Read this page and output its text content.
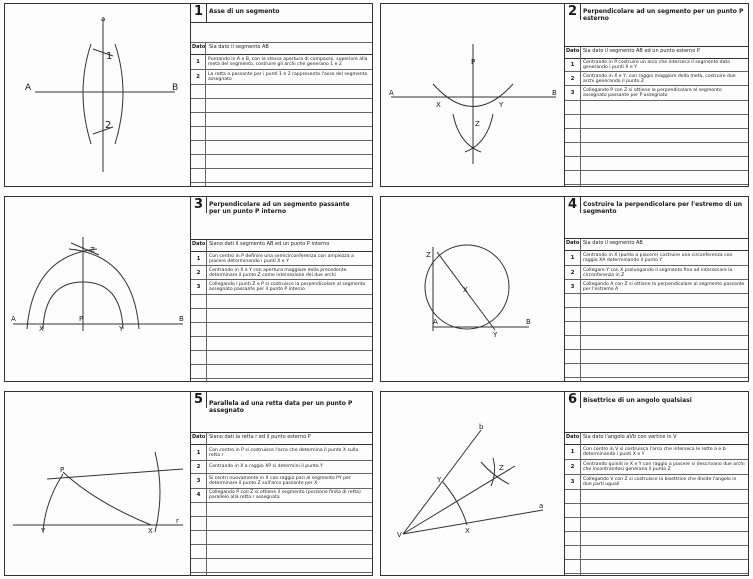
a
1
2
A	B
1 Asse di un segmento
Dato Sia dato il segmento AB
1	Puntando in A e B, con la stessa apertura di compasso, superiore alla metà del segmento, costruire gli archi che generano 1 e 2
2	La retta a passante per i punti 1 e 2 rappresenta l'asse del segmento assegnato
P
A	B
X	Y
Z
2 Perpendicolare ad un segmento per un punto P esterno
Dato Sia dato il segmento AB ed un punto esterno P
1	Centrando in P costruire un arco che interseca il segmento dato generando i punti X e Y
2	Centrando in X e Y, con raggio maggiore della metà, costruire due archi generando il punto Z
3	Collegando P con Z si ottiene la perpendicolare al segmento assegnato passante per P assegnato
A	B
X
P
Y
Z
3 Perpendicolare ad un segmento passante per un punto P interno
Dato Siano dati il segmento AB ed un punto P interno
1	Con centro in P definire una semicirconferenza con ampiezza a piacere determinando i punti X e Y
2	Centrando in X e Y con apertura maggiore della precedente determinare il punto Z come intersezione dei due archi
3	Collegando i punti Z e P si costruisce la perpendicolare al segmento assegnato passante per il punto P interno
Z
X
A
Y
B
4 Costruire la perpendicolare per l'estremo di un segmento
Dato Sia dato il segmento AB
1	Centrando in X (punto a piacere) costruire una circonferenza con raggio XA determinando il punto Y
2	Collegare Y con X prolungando il segmento fino ad intersecare la circonferenza in Z
3	Collegando A con Z si ottiene la perpendicolare al segmento passante per l'estremo A
P
Y	X
r
5 Parallela ad una retta data per un punto P assegnato
Dato Siano dati la retta r ed il punto esterno P
1	Con centro in P si costruisce l'arco che determina il punto X sulla retta r
2	Centrando in X a raggio XP si determini il punto Y
3	Si centri nuovamente in X con raggio pari al segmento PY per determinare il punto Z sull'arco passante per X
4	Collegando P con Z si ottiene il segmento (porzione finita di retta) parallelo alla retta r assegnata
b
Y
Z
X
V
a
6 Bisettrice di un angolo qualsiasi
Dato Sia dato l'angolo aVb con vertice in V
1	Con centro in V si costruisca l'arco che interseca le rette a e b determinando i punti X e Y
2	Centrando quindi in X e Y con raggio a piacere si descrivano due archi che incontrandosi generano il punto Z
3	Collegando V con Z si costruisce la bisettrice che divide l'angolo in due parti uguali
